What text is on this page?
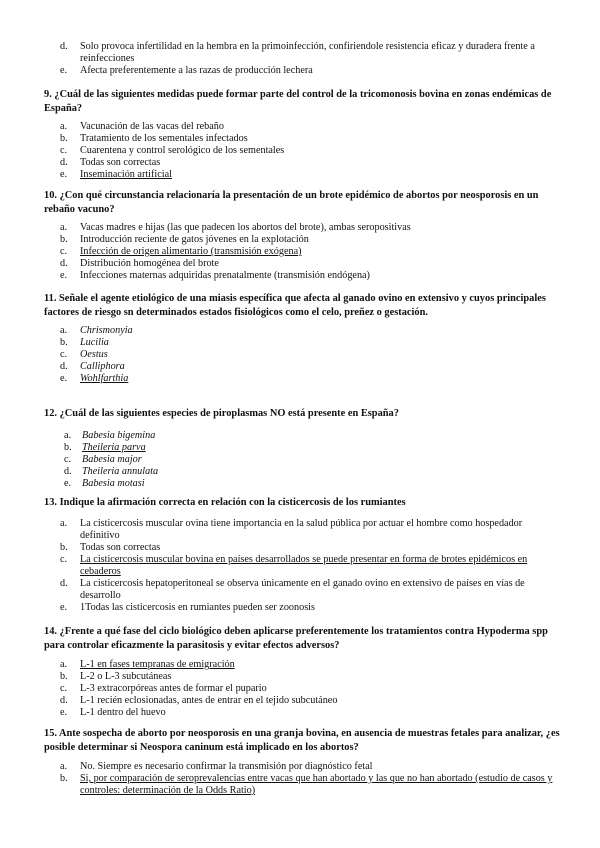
d. Solo provoca infertilidad en la hembra en la primoinfección, confiriendole resistencia eficaz y duradera frente a reinfecciones
e. Afecta preferentemente a las razas de producción lechera

9. ¿Cuál de las siguientes medidas puede formar parte del control de la tricomonosis bovina en zonas endémicas de España?

a. Vacunación de las vacas del rebaño
b. Tratamiento de los sementales infectados
c. Cuarentena y control serológico de los sementales
d. Todas son correctas
e. Inseminación artificial

10. ¿Con qué circunstancia relacionaría la presentación de un brote epidémico de abortos por neosporosis en un rebaño vacuno?

a. Vacas madres e hijas (las que padecen los abortos del brote), ambas seropositivas
b. Introducción reciente de gatos jóvenes en la explotación
c. Infección de origen alimentario (transmisión exógena)
d. Distribución homogénea del brote
e. Infecciones maternas adquiridas prenatalmente (transmisión endógena)

11. Señale el agente etiológico de una miasis específica que afecta al ganado ovino en extensivo y cuyos principales factores de riesgo sn determinados estados fisiológicos como el celo, preñez o gestación.

a. Chrismonyia
b. Lucilia
c. Oestus
d. Calliphora
e. Wohlfarthia

12. ¿Cuál de las siguientes especies de piroplasmas NO está presente en España?

a. Babesia bigemina
b. Theileria parva
c. Babesia major
d. Theileria annulata
e. Babesia motasi

13. Indique la afirmación correcta en relación con la cisticercosis de los rumiantes

a. La cisticercosis muscular ovina tiene importancia en la salud pública por actuar el hombre como hospedador definitivo
b. Todas son correctas
c. La cisticercosis muscular bovina en países desarrollados se puede presentar en forma de brotes epidémicos en cebaderos
d. La cisticercosis hepatoperitoneal se observa únicamente en el ganado ovino en extensivo de países en vías de desarrollo
e. 1Todas las cisticercosis en rumiantes pueden ser zoonosis

14. ¿Frente a qué fase del ciclo biológico deben aplicarse preferentemente los tratamientos contra Hypoderma spp para controlar eficazmente la parasitosis y evitar efectos adversos?

a. L-1 en fases tempranas de emigración
b. L-2 o L-3 subcutáneas
c. L-3 extracorpóreas antes de formar el pupario
d. L-1 recién eclosionadas, antes de entrar en el tejido subcutáneo
e. L-1 dentro del huevo

15. Ante sospecha de aborto por neosporosis en una granja bovina, en ausencia de muestras fetales para analizar, ¿es posible determinar si Neospora caninum está implicado en los abortos?

a. No. Siempre es necesario confirmar la transmisión por diagnóstico fetal
b. Si, por comparación de seroprevalencias entre vacas que han abortado y las que no han abortado (estudio de casos y controles: determinación de la Odds Ratio)
